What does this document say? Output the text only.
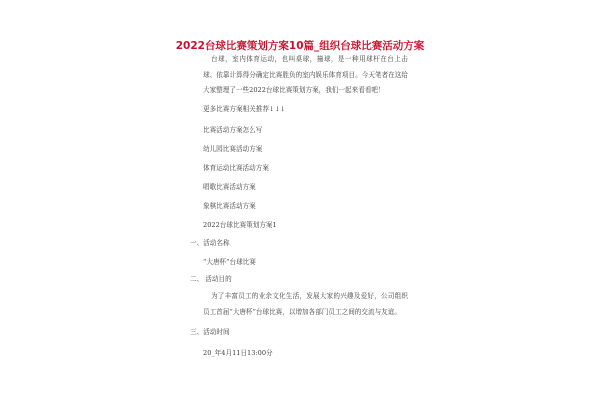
2022台球比赛策划方案10篇_组织台球比赛活动方案
台球，室内体育运动，也叫桌球，撞球，是一种用球杆在台上击球、依靠计算得分确定比赛胜负的室内娱乐体育项目。今天笔者在这给大家整理了一些2022台球比赛策划方案，我们一起来看看吧！
更多比赛方案相关推荐↓↓↓
比赛活动方案怎么写
幼儿园比赛活动方案
体育运动比赛活动方案
唱歌比赛活动方案
象棋比赛活动方案
2022台球比赛策划方案1
一、活动名称
“大唐杯”台球比赛
二、 活动目的
为了丰富员工的业余文化生活，发展大家的兴趣及爱好，公司组织员工首届“大唐杯”台球比赛，以增加各部门员工之间的交流与友谊。
三、活动时间
20_年4月11日13:00分
